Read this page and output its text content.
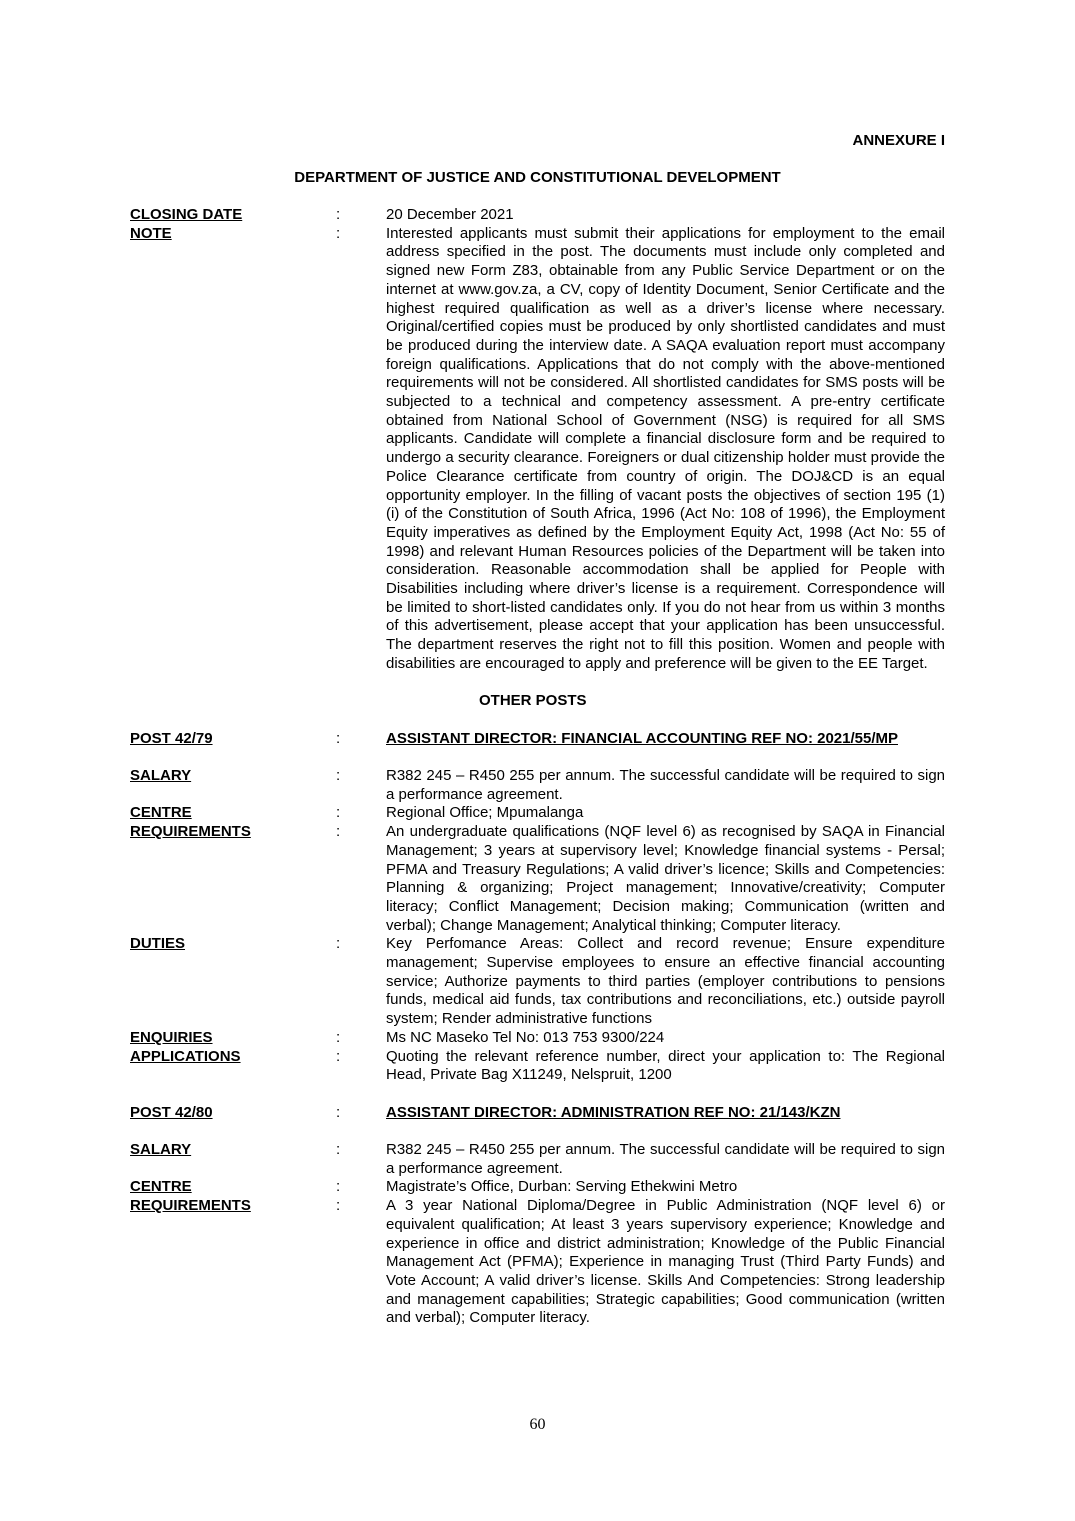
ANNEXURE I
DEPARTMENT OF JUSTICE AND CONSTITUTIONAL DEVELOPMENT
CLOSING DATE	:	20 December 2021
NOTE	:	Interested applicants must submit their applications for employment to the email address specified in the post. The documents must include only completed and signed new Form Z83, obtainable from any Public Service Department or on the internet at www.gov.za, a CV, copy of Identity Document, Senior Certificate and the highest required qualification as well as a driver’s license where necessary. Original/certified copies must be produced by only shortlisted candidates and must be produced during the interview date. A SAQA evaluation report must accompany foreign qualifications. Applications that do not comply with the above-mentioned requirements will not be considered. All shortlisted candidates for SMS posts will be subjected to a technical and competency assessment. A pre-entry certificate obtained from National School of Government (NSG) is required for all SMS applicants. Candidate will complete a financial disclosure form and be required to undergo a security clearance. Foreigners or dual citizenship holder must provide the Police Clearance certificate from country of origin. The DOJ&CD is an equal opportunity employer. In the filling of vacant posts the objectives of section 195 (1) (i) of the Constitution of South Africa, 1996 (Act No: 108 of 1996), the Employment Equity imperatives as defined by the Employment Equity Act, 1998 (Act No: 55 of 1998) and relevant Human Resources policies of the Department will be taken into consideration. Reasonable accommodation shall be applied for People with Disabilities including where driver’s license is a requirement. Correspondence will be limited to short-listed candidates only. If you do not hear from us within 3 months of this advertisement, please accept that your application has been unsuccessful. The department reserves the right not to fill this position. Women and people with disabilities are encouraged to apply and preference will be given to the EE Target.
OTHER POSTS
POST 42/79	:	ASSISTANT DIRECTOR: FINANCIAL ACCOUNTING REF NO: 2021/55/MP
SALARY	:	R382 245 – R450 255 per annum. The successful candidate will be required to sign a performance agreement.
CENTRE	:	Regional Office; Mpumalanga
REQUIREMENTS	:	An undergraduate qualifications (NQF level 6) as recognised by SAQA in Financial Management; 3 years at supervisory level; Knowledge financial systems - Persal; PFMA and Treasury Regulations; A valid driver’s licence; Skills and Competencies: Planning & organizing; Project management; Innovative/creativity; Computer literacy; Conflict Management; Decision making; Communication (written and verbal); Change Management; Analytical thinking; Computer literacy.
DUTIES	:	Key Perfomance Areas: Collect and record revenue; Ensure expenditure management; Supervise employees to ensure an effective financial accounting service; Authorize payments to third parties (employer contributions to pensions funds, medical aid funds, tax contributions and reconciliations, etc.) outside payroll system; Render administrative functions
ENQUIRIES	:	Ms NC Maseko Tel No: 013 753 9300/224
APPLICATIONS	:	Quoting the relevant reference number, direct your application to: The Regional Head, Private Bag X11249, Nelspruit, 1200
POST 42/80	:	ASSISTANT DIRECTOR: ADMINISTRATION REF NO: 21/143/KZN
SALARY	:	R382 245 – R450 255 per annum. The successful candidate will be required to sign a performance agreement.
CENTRE	:	Magistrate’s Office, Durban: Serving Ethekwini Metro
REQUIREMENTS	:	A 3 year National Diploma/Degree in Public Administration (NQF level 6) or equivalent qualification; At least 3 years supervisory experience; Knowledge and experience in office and district administration; Knowledge of the Public Financial Management Act (PFMA); Experience in managing Trust (Third Party Funds) and Vote Account; A valid driver’s license. Skills And Competencies: Strong leadership and management capabilities; Strategic capabilities; Good communication (written and verbal); Computer literacy.
60
